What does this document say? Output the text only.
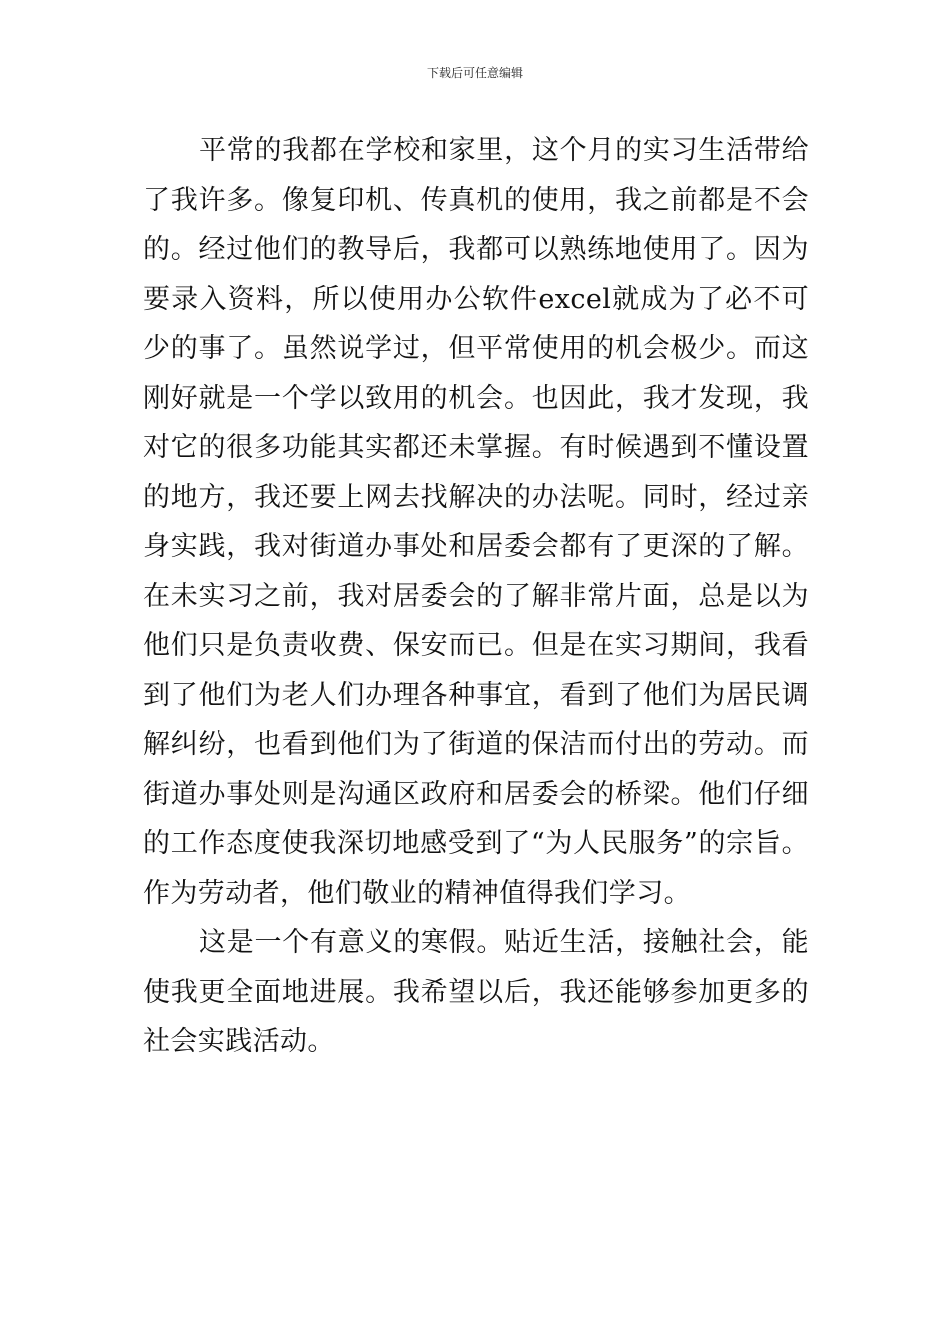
下载后可任意编辑

平常的我都在学校和家里，这个月的实习生活带给了我许多。像复印机、传真机的使用，我之前都是不会的。经过他们的教导后，我都可以熟练地使用了。因为要录入资料，所以使用办公软件excel就成为了必不可少的事了。虽然说学过，但平常使用的机会极少。而这刚好就是一个学以致用的机会。也因此，我才发现，我对它的很多功能其实都还未掌握。有时候遇到不懂设置的地方，我还要上网去找解决的办法呢。同时，经过亲身实践，我对街道办事处和居委会都有了更深的了解。在未实习之前，我对居委会的了解非常片面，总是以为他们只是负责收费、保安而已。但是在实习期间，我看到了他们为老人们办理各种事宜，看到了他们为居民调解纠纷，也看到他们为了街道的保洁而付出的劳动。而街道办事处则是沟通区政府和居委会的桥梁。他们仔细的工作态度使我深切地感受到了“为人民服务”的宗旨。作为劳动者，他们敬业的精神值得我们学习。

这是一个有意义的寒假。贴近生活，接触社会，能使我更全面地进展。我希望以后，我还能够参加更多的社会实践活动。
